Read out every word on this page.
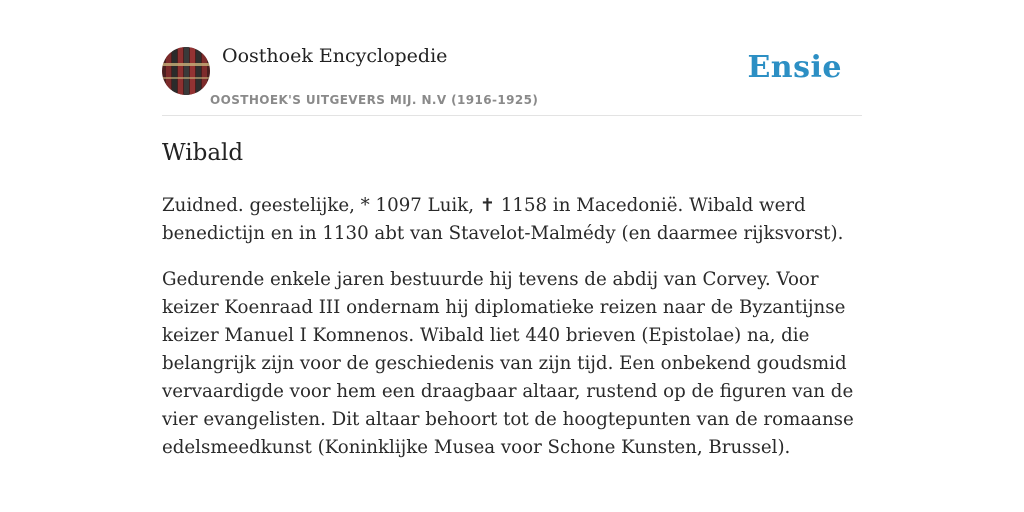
Oosthoek Encyclopedie
OOSTHOEK'S UITGEVERS MIJ. N.V (1916-1925)
Ensie
Wibald

Zuidned. geestelijke, * 1097 Luik, ✝ 1158 in Macedonië. Wibald werd benedictijn en in 1130 abt van Stavelot-Malmédy (en daarmee rijksvorst).

Gedurende enkele jaren bestuurde hij tevens de abdij van Corvey. Voor keizer Koenraad III ondernam hij diplomatieke reizen naar de Byzantijnse keizer Manuel I Komnenos. Wibald liet 440 brieven (Epistolae) na, die belangrijk zijn voor de geschiedenis van zijn tijd. Een onbekend goudsmid vervaardigde voor hem een draagbaar altaar, rustend op de figuren van de vier evangelisten. Dit altaar behoort tot de hoogtepunten van de romaanse edelsmeedkunst (Koninklijke Musea voor Schone Kunsten, Brussel).
